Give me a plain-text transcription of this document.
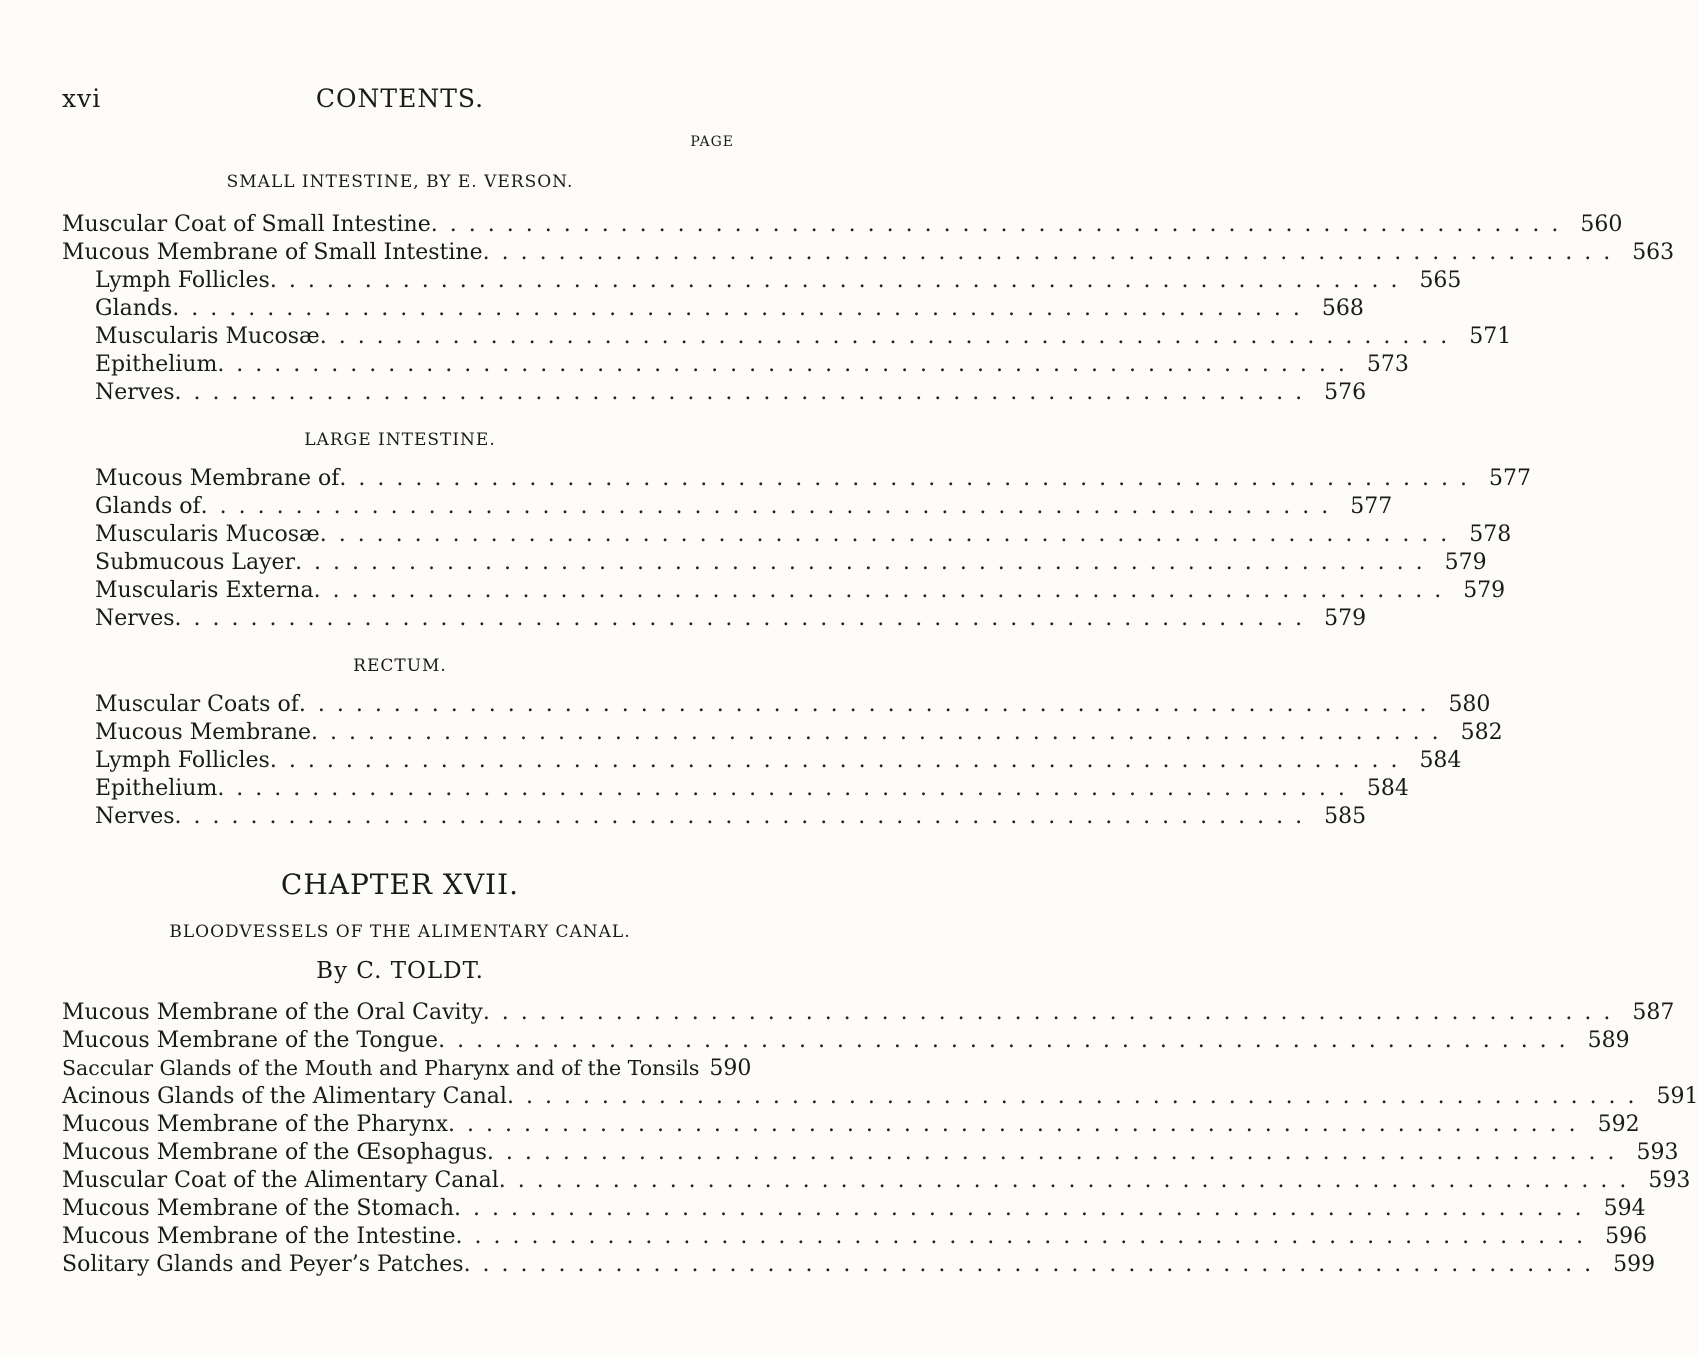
xvi	CONTENTS.
PAGE
SMALL INTESTINE, BY E. VERSON.
Muscular Coat of Small Intestine ............................................................ 560
Mucous Membrane of Small Intestine ............................................................ 563
Lymph Follicles ............................................................ 565
Glands ............................................................ 568
Muscularis Mucosæ ............................................................ 571
Epithelium ............................................................ 573
Nerves ............................................................ 576
LARGE INTESTINE.
Mucous Membrane of ............................................................ 577
Glands of ............................................................ 577
Muscularis Mucosæ ............................................................ 578
Submucous Layer ............................................................ 579
Muscularis Externa ............................................................ 579
Nerves ............................................................ 579
RECTUM.
Muscular Coats of ............................................................ 580
Mucous Membrane ............................................................ 582
Lymph Follicles ............................................................ 584
Epithelium ............................................................ 584
Nerves ............................................................ 585
CHAPTER XVII.
BLOODVESSELS OF THE ALIMENTARY CANAL.
By C. TOLDT.
Mucous Membrane of the Oral Cavity ............................................................ 587
Mucous Membrane of the Tongue ............................................................ 589
Saccular Glands of the Mouth and Pharynx and of the Tonsils 590
Acinous Glands of the Alimentary Canal ............................................................ 591
Mucous Membrane of the Pharynx ............................................................ 592
Mucous Membrane of the Œsophagus ............................................................ 593
Muscular Coat of the Alimentary Canal ............................................................ 593
Mucous Membrane of the Stomach ............................................................ 594
Mucous Membrane of the Intestine ............................................................ 596
Solitary Glands and Peyer’s Patches ............................................................ 599
